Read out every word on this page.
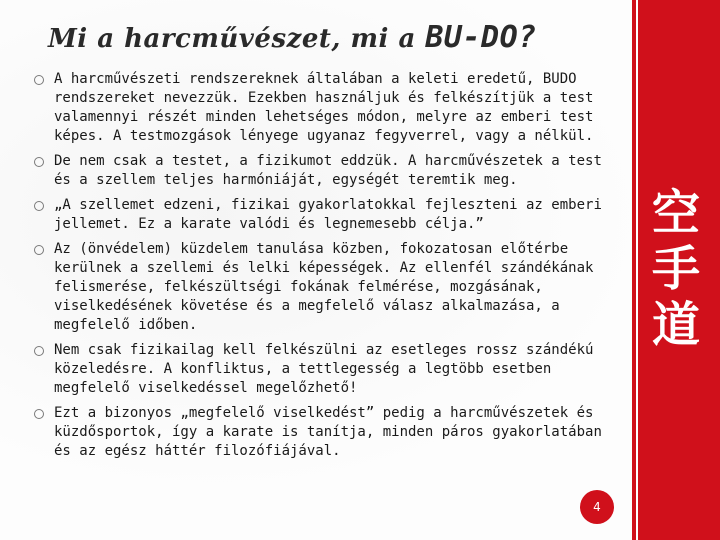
Mi a harcművészet, mi a BU-DO?
A harcművészeti rendszereknek általában a keleti eredetű, BUDO rendszereket nevezzük. Ezekben használjuk és felkészítjük a test valamennyi részét minden lehetséges módon, melyre az emberi test képes. A testmozgások lényege ugyanaz fegyverrel, vagy a nélkül.
De nem csak a testet, a fizikumot eddzük. A harcművészetek a test és a szellem teljes harmóniáját, egységét teremtik meg.
„A szellemet edzeni, fizikai gyakorlatokkal fejleszteni az emberi jellemet. Ez a karate valódi és legnemesebb célja.”
Az (önvédelem) küzdelem tanulása közben, fokozatosan előtérbe kerülnek a szellemi és lelki képességek. Az ellenfél szándékának felismerése, felkészültségi fokának felmérése, mozgásának, viselkedésének követése és a megfelelő válasz alkalmazása, a megfelelő időben.
Nem csak fizikailag kell felkészülni az esetleges rossz szándékú közeledésre. A konfliktus, a tettlegesség a legtöbb esetben megfelelő viselkedéssel megelőzhető!
Ezt a bizonyos „megfelelő viselkedést” pedig a harcművészetek és küzdősportok, így a karate is tanítja, minden páros gyakorlatában és az egész háttér filozófiájával.
空
手
道
4
